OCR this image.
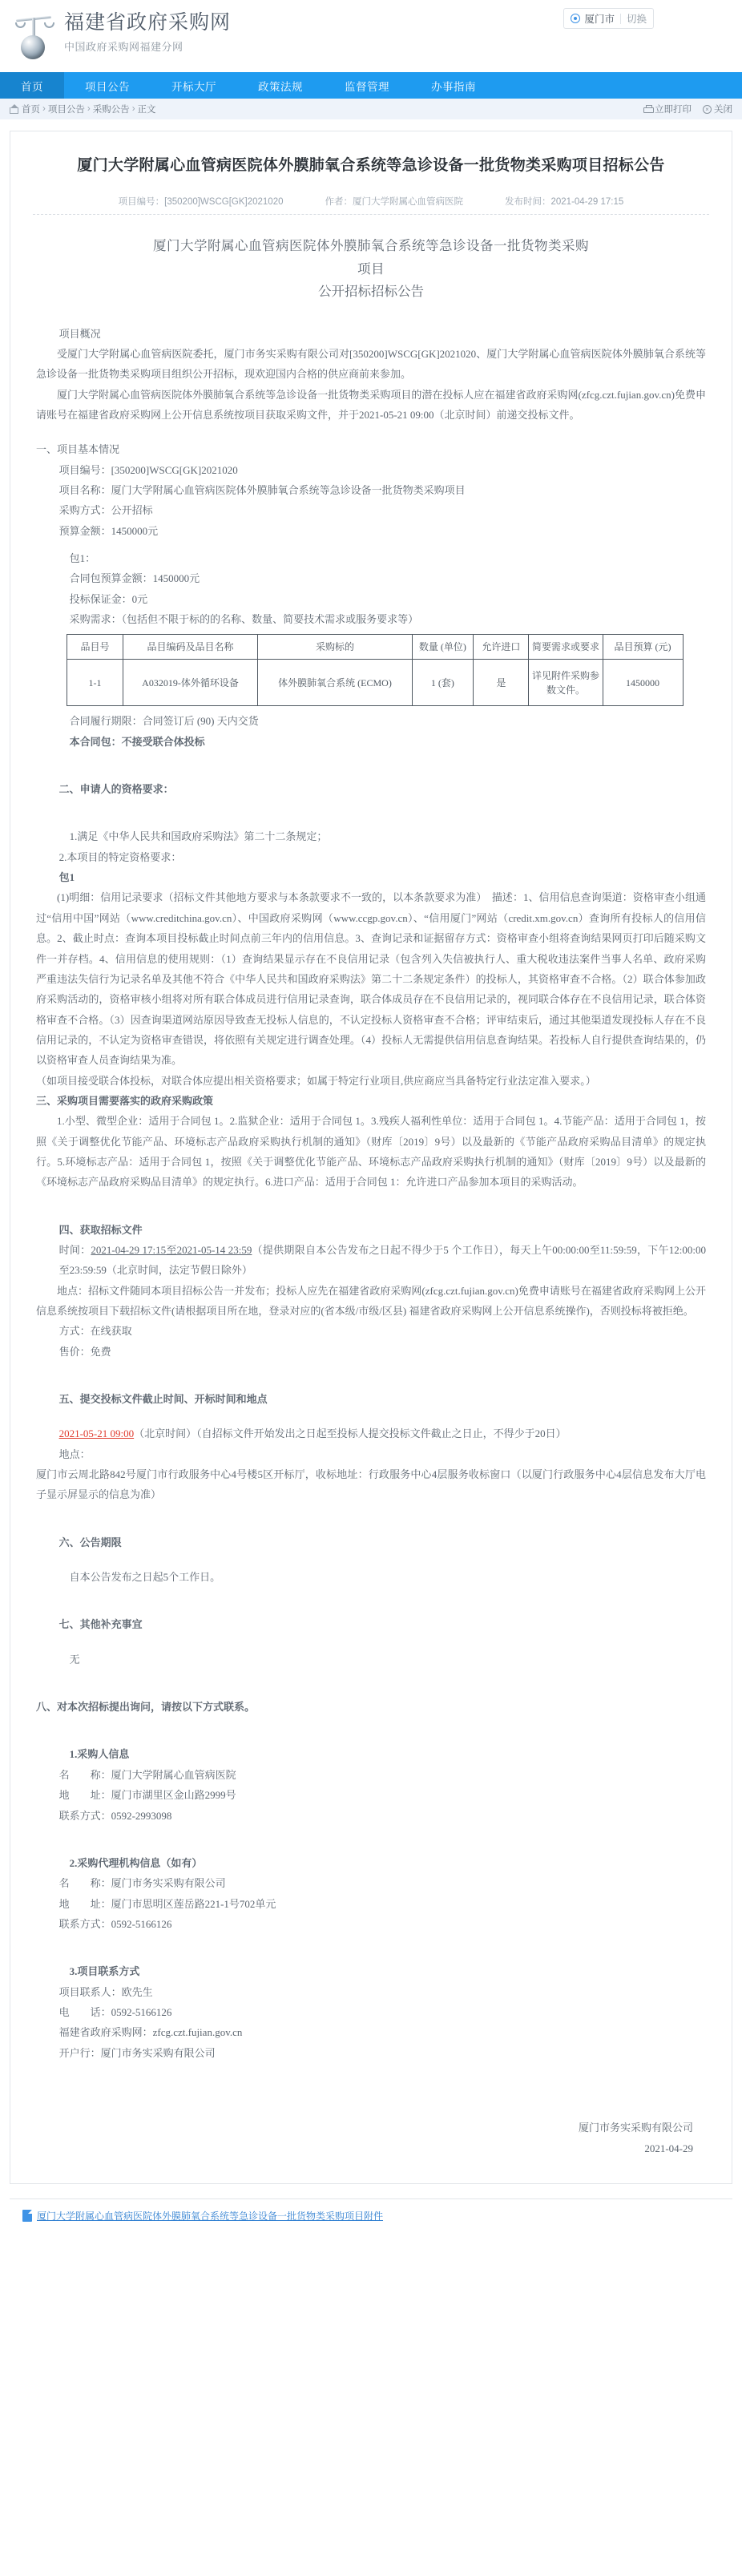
福建省政府采购网
中国政府采购网福建分网
厦门市 切换
首页	项目公告	开标大厅	政策法规	监督管理	办事指南
首页 › 项目公告 › 采购公告 › 正文	立即打印	× 关闭
厦门大学附属心血管病医院体外膜肺氧合系统等急诊设备一批货物类采购项目招标公告
项目编号：[350200]WSCG[GK]2021020	作者：厦门大学附属心血管病医院	发布时间：2021-04-29 17:15
厦门大学附属心血管病医院体外膜肺氧合系统等急诊设备一批货物类采购
项目
公开招标招标公告

项目概况

受厦门大学附属心血管病医院委托，厦门市务实采购有限公司对[350200]WSCG[GK]2021020、厦门大学附属心血管病医院体外膜肺氧合系统等急诊设备一批货物类采购项目组织公开招标，现欢迎国内合格的供应商前来参加。

厦门大学附属心血管病医院体外膜肺氧合系统等急诊设备一批货物类采购项目的潜在投标人应在福建省政府采购网(zfcg.czt.fujian.gov.cn)免费申请账号在福建省政府采购网上公开信息系统按项目获取采购文件，并于2021-05-21 09:00（北京时间）前递交投标文件。

一、项目基本情况

项目编号：[350200]WSCG[GK]2021020

项目名称：厦门大学附属心血管病医院体外膜肺氧合系统等急诊设备一批货物类采购项目

采购方式：公开招标

预算金额：1450000元

包1：

合同包预算金额：1450000元

投标保证金：0元

采购需求：（包括但不限于标的的名称、数量、简要技术需求或服务要求等）

品目号	品目编码及品目名称	采购标的	数量 (单位)	允许进口	简要需求或要求	品目预算 (元)
1-1	A032019-体外循环设备	体外膜肺氧合系统 (ECMO)	1 (套)	是	详见附件采购参数文件。	1450000

合同履行期限：合同签订后 (90) 天内交货

本合同包：不接受联合体投标

二、申请人的资格要求：

1.满足《中华人民共和国政府采购法》第二十二条规定；

2.本项目的特定资格要求：

包1

(1)明细：信用记录要求（招标文件其他地方要求与本条款要求不一致的，以本条款要求为准）　描述：1、信用信息查询渠道：资格审查小组通过“信用中国”网站（www.creditchina.gov.cn）、中国政府采购网（www.ccgp.gov.cn）、“信用厦门”网站（credit.xm.gov.cn）查询所有投标人的信用信息。2、截止时点：查询本项目投标截止时间点前三年内的信用信息。3、查询记录和证据留存方式：资格审查小组将查询结果网页打印后随采购文件一并存档。4、信用信息的使用规则：（1）查询结果显示存在不良信用记录（包含列入失信被执行人、重大税收违法案件当事人名单、政府采购严重违法失信行为记录名单及其他不符合《中华人民共和国政府采购法》第二十二条规定条件）的投标人，其资格审查不合格。（2）联合体参加政府采购活动的，资格审核小组将对所有联合体成员进行信用记录查询，联合体成员存在不良信用记录的，视同联合体存在不良信用记录，联合体资格审查不合格。（3）因查询渠道网站原因导致查无投标人信息的，不认定投标人资格审查不合格；评审结束后，通过其他渠道发现投标人存在不良信用记录的，不认定为资格审查错误，将依照有关规定进行调查处理。（4）投标人无需提供信用信息查询结果。若投标人自行提供查询结果的，仍以资格审查人员查询结果为准。

（如项目接受联合体投标，对联合体应提出相关资格要求；如属于特定行业项目,供应商应当具备特定行业法定准入要求。）

三、采购项目需要落实的政府采购政策

1.小型、微型企业：适用于合同包 1。2.监狱企业：适用于合同包 1。3.残疾人福利性单位：适用于合同包 1。4.节能产品：适用于合同包 1，按照《关于调整优化节能产品、环境标志产品政府采购执行机制的通知》（财库〔2019〕9号）以及最新的《节能产品政府采购品目清单》的规定执行。5.环境标志产品：适用于合同包 1，按照《关于调整优化节能产品、环境标志产品政府采购执行机制的通知》（财库〔2019〕9号）以及最新的《环境标志产品政府采购品目清单》的规定执行。6.进口产品：适用于合同包 1：允许进口产品参加本项目的采购活动。

四、获取招标文件

时间：2021-04-29 17:15至2021-05-14 23:59（提供期限自本公告发布之日起不得少于5 个工作日），每天上午00:00:00至11:59:59，下午12:00:00至23:59:59（北京时间，法定节假日除外）

地点：招标文件随同本项目招标公告一并发布；投标人应先在福建省政府采购网(zfcg.czt.fujian.gov.cn)免费申请账号在福建省政府采购网上公开信息系统按项目下载招标文件(请根据项目所在地，登录对应的(省本级/市级/区县) 福建省政府采购网上公开信息系统操作)，否则投标将被拒绝。

方式：在线获取

售价：免费

五、提交投标文件截止时间、开标时间和地点

2021-05-21 09:00（北京时间）（自招标文件开始发出之日起至投标人提交投标文件截止之日止，不得少于20日）

地点：

厦门市云周北路842号厦门市行政服务中心4号楼5区开标厅，收标地址：行政服务中心4层服务收标窗口（以厦门行政服务中心4层信息发布大厅电子显示屏显示的信息为准）

六、公告期限

自本公告发布之日起5个工作日。

七、其他补充事宜

无

八、对本次招标提出询问，请按以下方式联系。

1.采购人信息

名　　称：厦门大学附属心血管病医院

地　　址：厦门市湖里区金山路2999号

联系方式：0592-2993098

2.采购代理机构信息（如有）

名　　称：厦门市务实采购有限公司

地　　址：厦门市思明区莲岳路221-1号702单元

联系方式：0592-5166126

3.项目联系方式

项目联系人：欧先生

电　　话：0592-5166126

福建省政府采购网：zfcg.czt.fujian.gov.cn

开户行：厦门市务实采购有限公司

厦门市务实采购有限公司
2021-04-29
厦门大学附属心血管病医院体外膜肺氧合系统等急诊设备一批货物类采购项目附件
